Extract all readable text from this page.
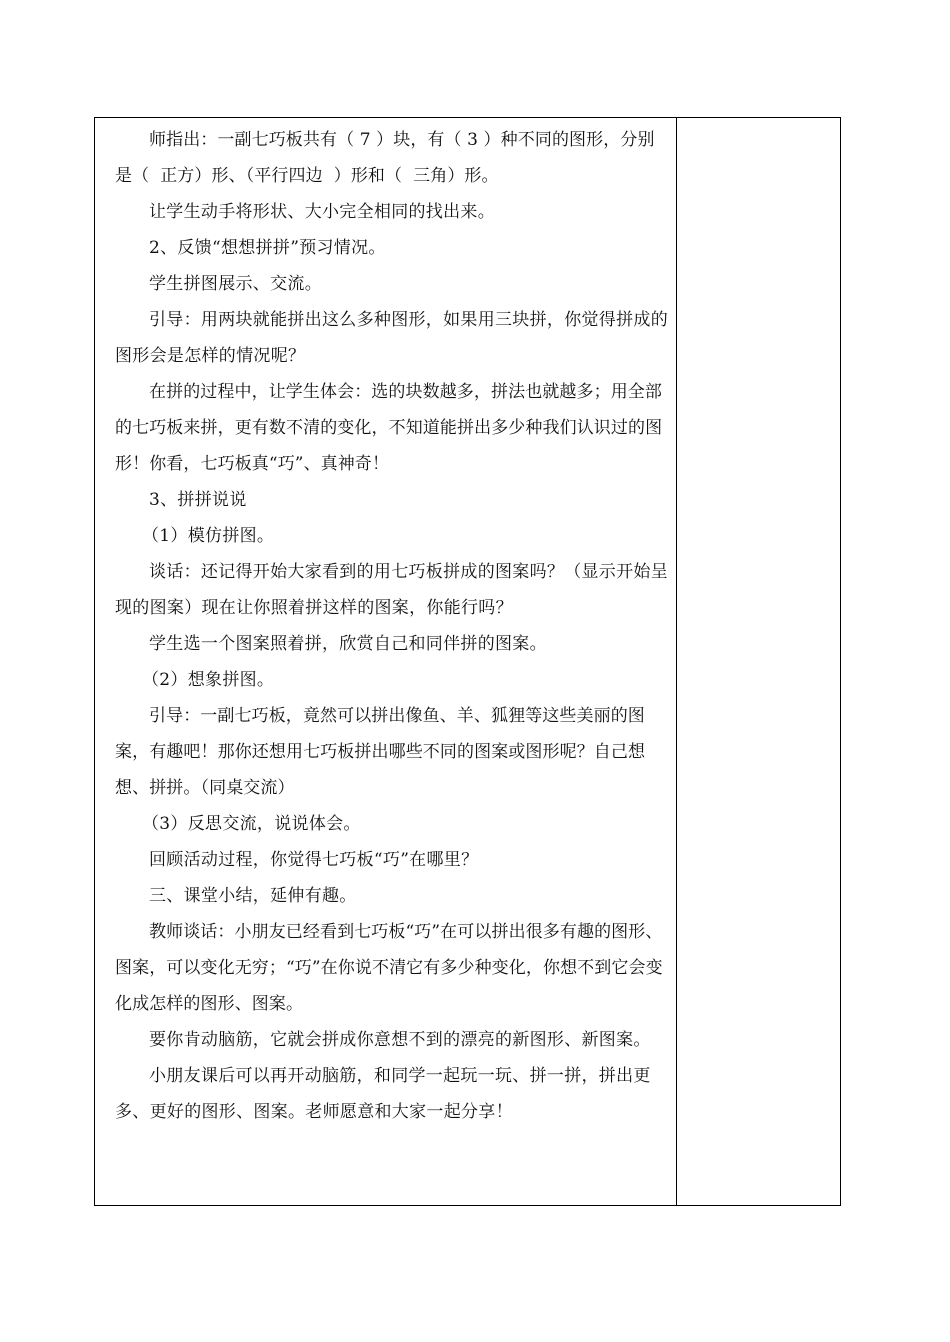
师指出：一副七巧板共有（ 7 ）块，有（ 3 ）种不同的图形，分别是（  正方）形、（平行四边  ）形和（  三角）形。

让学生动手将形状、大小完全相同的找出来。

2、反馈“想想拼拼”预习情况。

学生拼图展示、交流。

引导：用两块就能拼出这么多种图形，如果用三块拼，你觉得拼成的图形会是怎样的情况呢？

在拼的过程中，让学生体会：选的块数越多，拼法也就越多；用全部的七巧板来拼，更有数不清的变化，不知道能拼出多少种我们认识过的图形！你看，七巧板真“巧”、真神奇！

3、拼拼说说

（1）模仿拼图。

谈话：还记得开始大家看到的用七巧板拼成的图案吗？（显示开始呈现的图案）现在让你照着拼这样的图案，你能行吗？

学生选一个图案照着拼，欣赏自己和同伴拼的图案。

（2）想象拼图。

引导：一副七巧板，竟然可以拼出像鱼、羊、狐狸等这些美丽的图案，有趣吧！那你还想用七巧板拼出哪些不同的图案或图形呢？自己想想、拼拼。（同桌交流）

（3）反思交流，说说体会。

回顾活动过程，你觉得七巧板“巧”在哪里？

三、课堂小结，延伸有趣。

教师谈话：小朋友已经看到七巧板“巧”在可以拼出很多有趣的图形、图案，可以变化无穷；“巧”在你说不清它有多少种变化，你想不到它会变化成怎样的图形、图案。

要你肯动脑筋，它就会拼成你意想不到的漂亮的新图形、新图案。

小朋友课后可以再开动脑筋，和同学一起玩一玩、拼一拼，拼出更多、更好的图形、图案。老师愿意和大家一起分享！
